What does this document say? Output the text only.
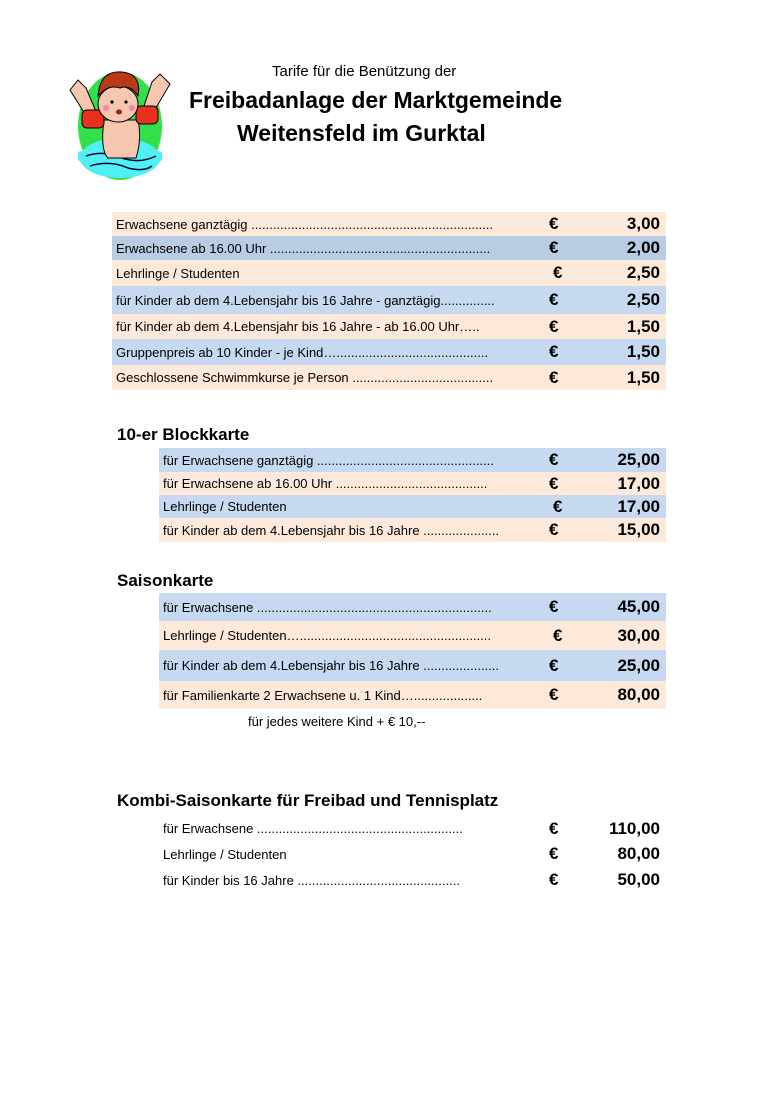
Tarife für die Benützung der
Freibadanlage der Marktgemeinde
Weitensfeld im Gurktal
Erwachsene ganztägig ...................................................................	€	3,00
Erwachsene ab 16.00 Uhr .............................................................	€	2,00
Lehrlinge / Studenten	€	2,50
für Kinder ab dem 4.Lebensjahr bis 16 Jahre - ganztägig...............	€	2,50
für Kinder ab dem 4.Lebensjahr bis 16 Jahre - ab 16.00 Uhr…..	€	1,50
Gruppenpreis ab 10 Kinder - je Kind…..........................................	€	1,50
Geschlossene Schwimmkurse je Person .......................................	€	1,50
10-er Blockkarte
für Erwachsene ganztägig .................................................	€	25,00
für Erwachsene ab 16.00 Uhr ..........................................	€	17,00
Lehrlinge / Studenten	€	17,00
für Kinder ab dem 4.Lebensjahr bis 16 Jahre .....................	€	15,00
Saisonkarte
für Erwachsene .................................................................	€	45,00
Lehrlinge / Studenten….....................................................	€	30,00
für Kinder ab dem 4.Lebensjahr bis 16 Jahre .....................	€	25,00
für Familienkarte 2 Erwachsene u. 1 Kind…...................	€	80,00
für jedes weitere Kind + € 10,--
Kombi-Saisonkarte für Freibad und Tennisplatz
für Erwachsene .........................................................	€	110,00
Lehrlinge / Studenten	€	80,00
für Kinder bis 16 Jahre .............................................	€	50,00
